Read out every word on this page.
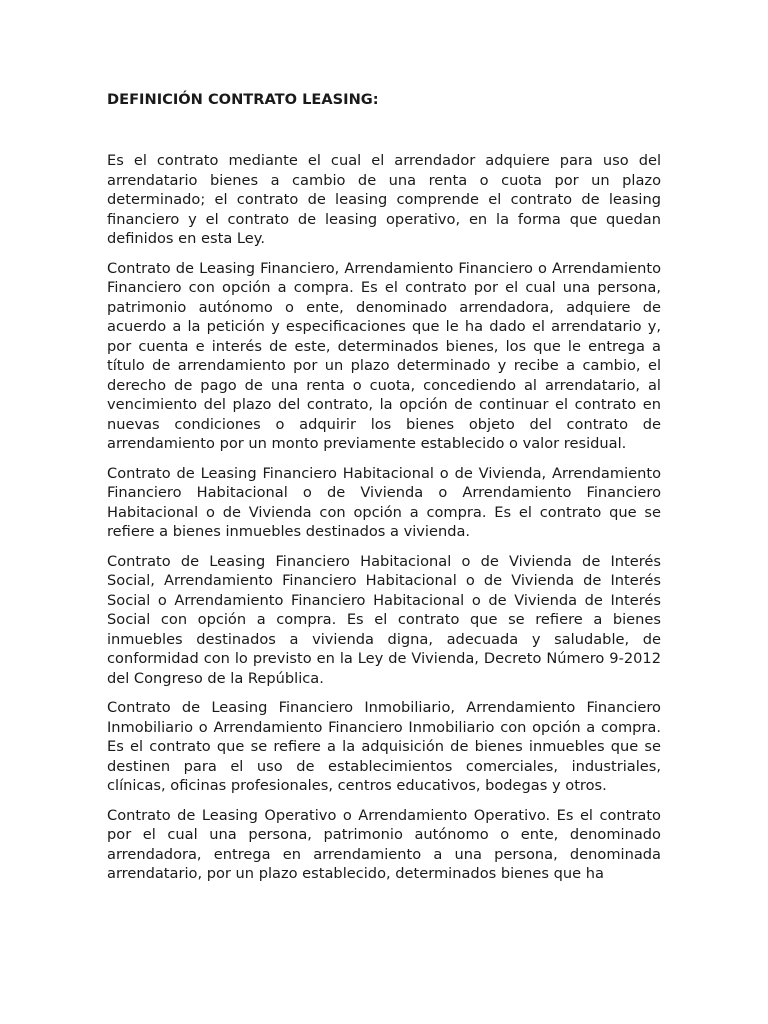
DEFINICIÓN CONTRATO LEASING:

Es el contrato mediante el cual el arrendador adquiere para uso del arrendatario bienes a cambio de una renta o cuota por un plazo determinado; el contrato de leasing comprende el contrato de leasing financiero y el contrato de leasing operativo, en la forma que quedan definidos en esta Ley.

Contrato de Leasing Financiero, Arrendamiento Financiero o Arrendamiento Financiero con opción a compra. Es el contrato por el cual una persona, patrimonio autónomo o ente, denominado arrendadora, adquiere de acuerdo a la petición y especificaciones que le ha dado el arrendatario y, por cuenta e interés de este, determinados bienes, los que le entrega a título de arrendamiento por un plazo determinado y recibe a cambio, el derecho de pago de una renta o cuota, concediendo al arrendatario, al vencimiento del plazo del contrato, la opción de continuar el contrato en nuevas condiciones o adquirir los bienes objeto del contrato de arrendamiento por un monto previamente establecido o valor residual.

Contrato de Leasing Financiero Habitacional o de Vivienda, Arrendamiento Financiero Habitacional o de Vivienda o Arrendamiento Financiero Habitacional o de Vivienda con opción a compra. Es el contrato que se refiere a bienes inmuebles destinados a vivienda.

Contrato de Leasing Financiero Habitacional o de Vivienda de Interés Social, Arrendamiento Financiero Habitacional o de Vivienda de Interés Social o Arrendamiento Financiero Habitacional o de Vivienda de Interés Social con opción a compra. Es el contrato que se refiere a bienes inmuebles destinados a vivienda digna, adecuada y saludable, de conformidad con lo previsto en la Ley de Vivienda, Decreto Número 9-2012 del Congreso de la República.

Contrato de Leasing Financiero Inmobiliario, Arrendamiento Financiero Inmobiliario o Arrendamiento Financiero Inmobiliario con opción a compra. Es el contrato que se refiere a la adquisición de bienes inmuebles que se destinen para el uso de establecimientos comerciales, industriales, clínicas, oficinas profesionales, centros educativos, bodegas y otros.

Contrato de Leasing Operativo o Arrendamiento Operativo. Es el contrato por el cual una persona, patrimonio autónomo o ente, denominado arrendadora, entrega en arrendamiento a una persona, denominada arrendatario, por un plazo establecido, determinados bienes que ha
